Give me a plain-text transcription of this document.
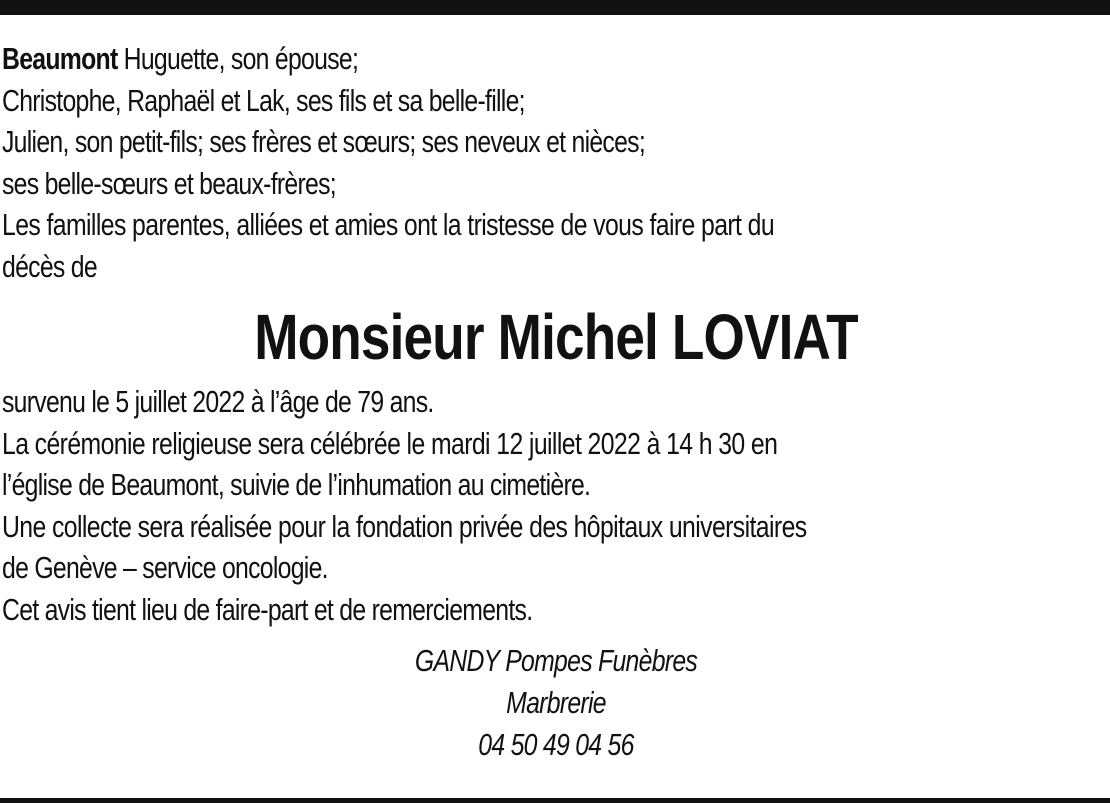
Beaumont Huguette, son épouse;
Christophe, Raphaël et Lak, ses fils et sa belle-fille;
Julien, son petit-fils; ses frères et sœurs; ses neveux et nièces;
ses belle-sœurs et beaux-frères;
Les familles parentes, alliées et amies ont la tristesse de vous faire part du
décès de
Monsieur Michel LOVIAT
survenu le 5 juillet 2022 à l’âge de 79 ans.
La cérémonie religieuse sera célébrée le mardi 12 juillet 2022 à 14 h 30 en
l’église de Beaumont, suivie de l’inhumation au cimetière.
Une collecte sera réalisée pour la fondation privée des hôpitaux universitaires
de Genève – service oncologie.
Cet avis tient lieu de faire-part et de remerciements.
GANDY Pompes Funèbres
Marbrerie
04 50 49 04 56
